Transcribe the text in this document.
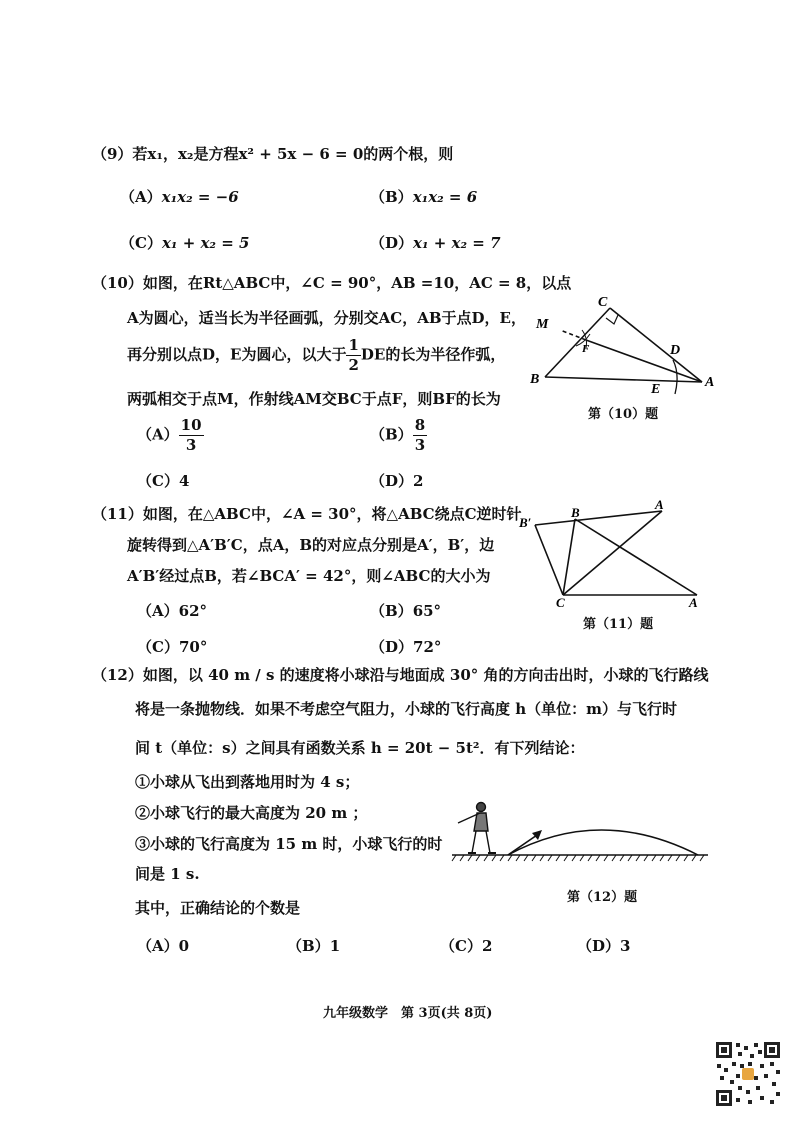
（9）若x₁，x₂是方程x² + 5x − 6 = 0的两个根，则
（A）x₁x₂ = −6	（B）x₁x₂ = 6
（C）x₁ + x₂ = 5	（D）x₁ + x₂ = 7
（10）如图，在Rt△ABC中，∠C = 90°，AB =10，AC = 8，以点
A为圆心，适当长为半径画弧，分别交AC，AB于点D，E，
再分别以点D，E为圆心，以大于 $\frac{1}{2}$ DE的长为半径作弧，
两弧相交于点M，作射线AM交BC于点F，则BF的长为
$(A) \frac{10}{3}$	$(B) \frac{8}{3}$
（C）4	（D）2
C
M
F	D
B
E	A
第（10）题
（11）如图，在△ABC中，∠A = 30°，将△ABC绕点C逆时针
旋转得到△A′B′C，点A，B的对应点分别是A′，B′，边
A′B′经过点B，若∠BCA′ = 42°，则∠ABC的大小为
（A）62°	（B）65°
（C）70°	（D）72°
B′
B
A
C	A
第（11）题
（12）如图，以 40 m / s 的速度将小球沿与地面成 30° 角的方向击出时，小球的飞行路线
将是一条抛物线．如果不考虑空气阻力，小球的飞行高度 h（单位：m）与飞行时
间 t（单位：s）之间具有函数关系 h = 20t − 5t²．有下列结论：
①小球从飞出到落地用时为 4 s；
②小球飞行的最大高度为 20 m ；
③小球的飞行高度为 15 m 时，小球飞行的时
间是 1 s.
其中，正确结论的个数是
（A）0	（B）1	（C）2	（D）3
第（12）题
九年级数学　第 3页(共 8页)
